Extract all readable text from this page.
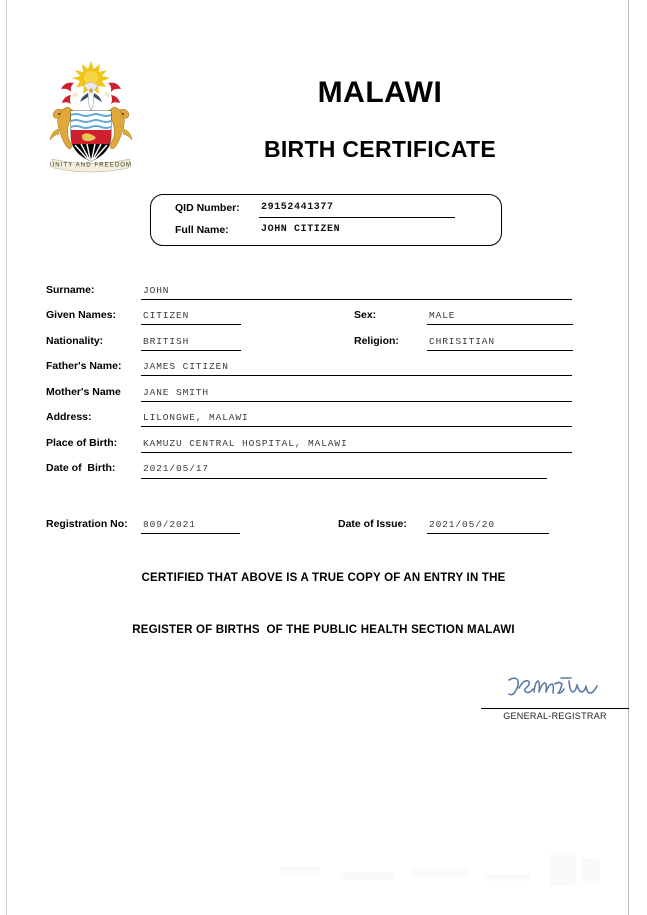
UNITY AND FREEDOM
MALAWI
BIRTH CERTIFICATE
QID Number: 29152441377
Full Name:	JOHN CITIZEN
Surname:	JOHN
Given Names:	CITIZEN	Sex:	MALE
Nationality:	BRITISH	Religion:	CHRISITIAN
Father's Name: JAMES CITIZEN
Mother's Name JANE SMITH
Address:	LILONGWE, MALAWI
Place of Birth:	KAMUZU CENTRAL HOSPITAL, MALAWI
Date of  Birth:	2021/05/17
Registration No: 809/2021	Date of Issue: 2021/05/20
CERTIFIED THAT ABOVE IS A TRUE COPY OF AN ENTRY IN THE
REGISTER OF BIRTHS  OF THE PUBLIC HEALTH SECTION MALAWI
GENERAL-REGISTRAR
